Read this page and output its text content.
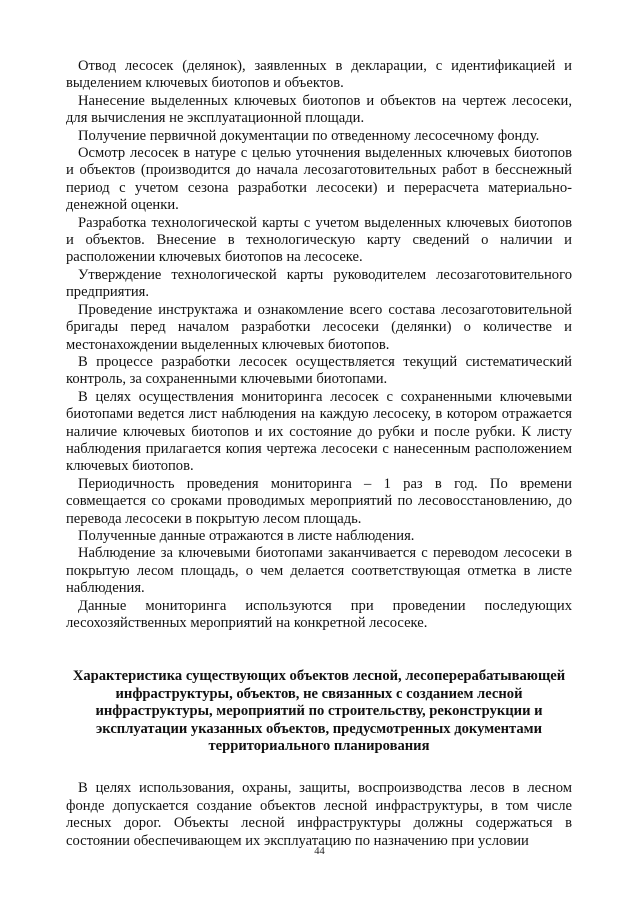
Отвод лесосек (делянок), заявленных в декларации, с идентификацией и выделением ключевых биотопов и объектов.

Нанесение выделенных ключевых биотопов и объектов на чертеж лесосеки, для вычисления не эксплуатационной площади.

Получение первичной документации по отведенному лесосечному фонду.

Осмотр лесосек в натуре с целью уточнения выделенных ключевых биотопов и объектов (производится до начала лесозаготовительных работ в бесснежный период с учетом сезона разработки лесосеки) и перерасчета материально-денежной оценки.

Разработка технологической карты с учетом выделенных ключевых биотопов и объектов. Внесение в технологическую карту сведений о наличии и расположении ключевых биотопов на лесосеке.

Утверждение технологической карты руководителем лесозаготовительного предприятия.

Проведение инструктажа и ознакомление всего состава лесозаготовительной бригады перед началом разработки лесосеки (делянки) о количестве и местонахождении выделенных ключевых биотопов.

В процессе разработки лесосек осуществляется текущий систематический контроль, за сохраненными ключевыми биотопами.

В целях осуществления мониторинга лесосек с сохраненными ключевыми биотопами ведется лист наблюдения на каждую лесосеку, в котором отражается наличие ключевых биотопов и их состояние до рубки и после рубки. К листу наблюдения прилагается копия чертежа лесосеки с нанесенным расположением ключевых биотопов.

Периодичность проведения мониторинга – 1 раз в год. По времени совмещается со сроками проводимых мероприятий по лесовосстановлению, до перевода лесосеки в покрытую лесом площадь.

Полученные данные отражаются в листе наблюдения.

Наблюдение за ключевыми биотопами заканчивается с переводом лесосеки в покрытую лесом площадь, о чем делается соответствующая отметка в листе наблюдения.

Данные мониторинга используются при проведении последующих лесохозяйственных мероприятий на конкретной лесосеке.

Характеристика существующих объектов лесной, лесоперерабатывающей инфраструктуры, объектов, не связанных с созданием лесной инфраструктуры, мероприятий по строительству, реконструкции и эксплуатации указанных объектов, предусмотренных документами территориального планирования

В целях использования, охраны, защиты, воспроизводства лесов в лесном фонде допускается создание объектов лесной инфраструктуры, в том числе лесных дорог. Объекты лесной инфраструктуры должны содержаться в состоянии обеспечивающем их эксплуатацию по назначению при условии

44
